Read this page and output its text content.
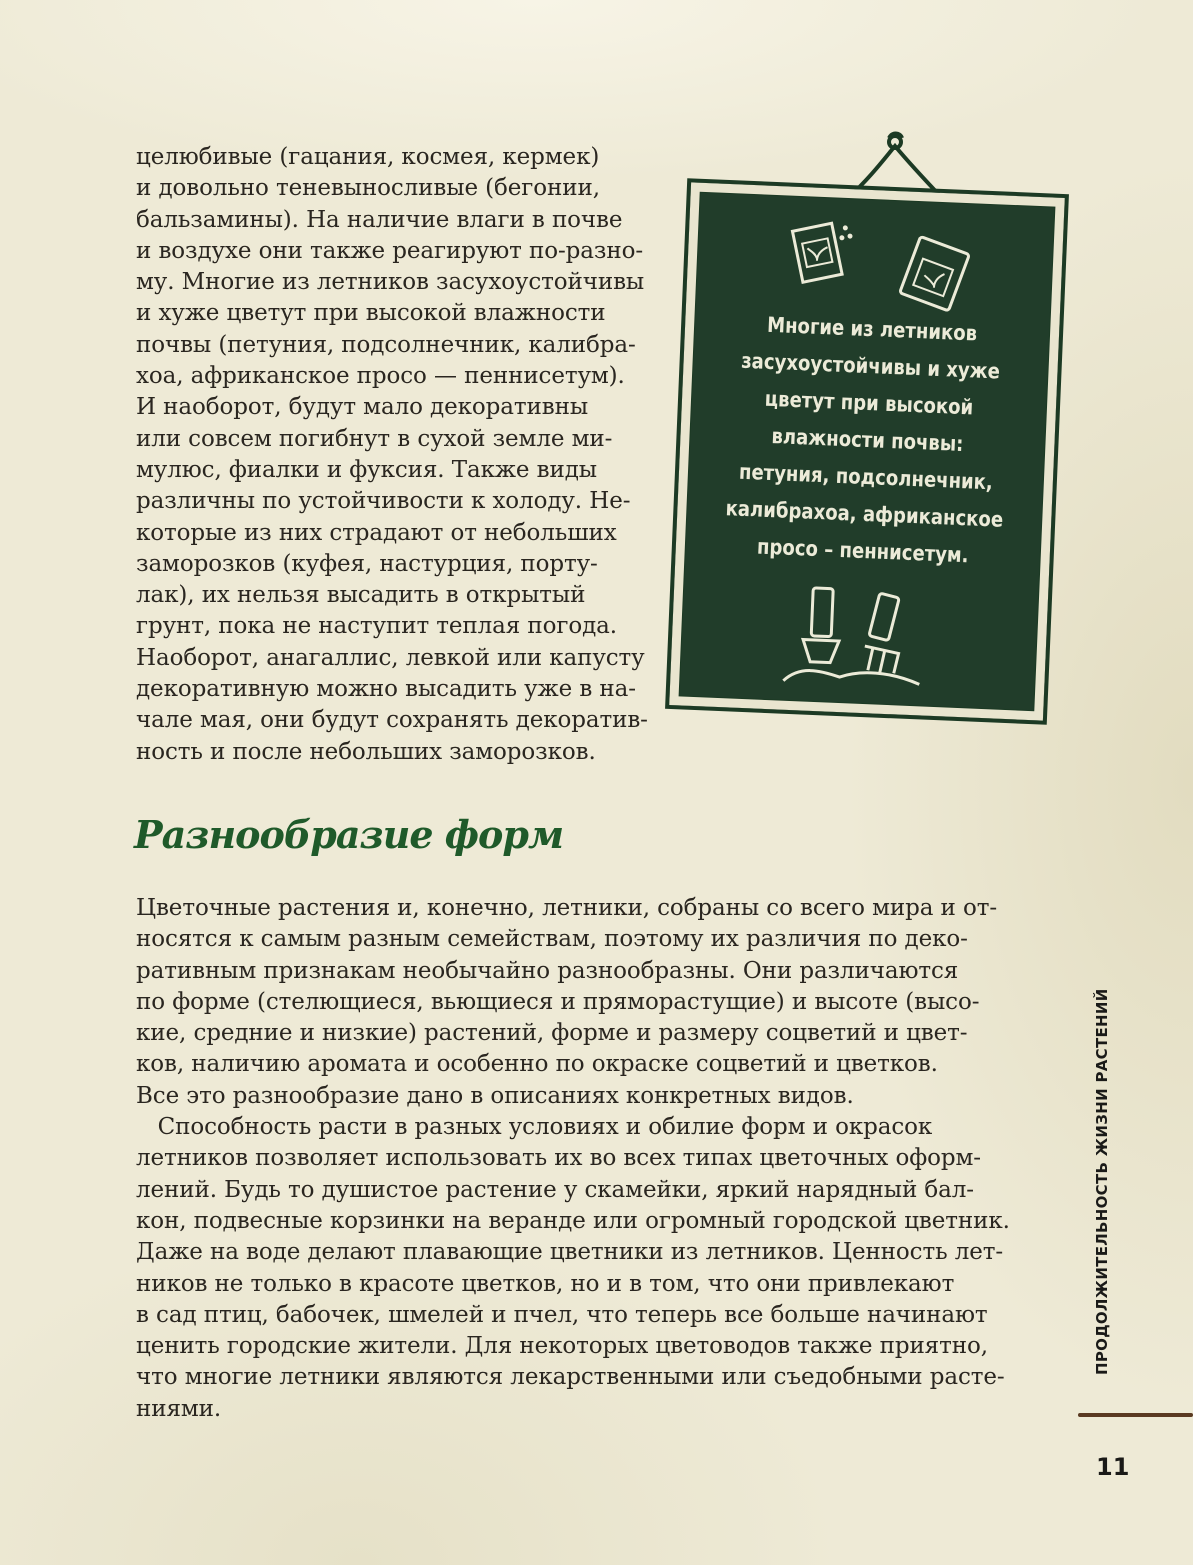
целюбивые (гацания, космея, кермек)
и довольно теневыносливые (бегонии,
бальзамины). На наличие влаги в почве
и воздухе они также реагируют по-разно-
му. Многие из летников засухоустойчивы
и хуже цветут при высокой влажности
почвы (петуния, подсолнечник, калибра-
хоа, африканское просо — пеннисетум).
И наоборот, будут мало декоративны
или совсем погибнут в сухой земле ми-
мулюс, фиалки и фуксия. Также виды
различны по устойчивости к холоду. Не-
которые из них страдают от небольших
заморозков (куфея, настурция, порту-
лак), их нельзя высадить в открытый
грунт, пока не наступит теплая погода.
Наоборот, анагаллис, левкой или капусту
декоративную можно высадить уже в на-
чале мая, они будут сохранять декоратив-
ность и после небольших заморозков.
Многие из летников
засухоустойчивы и хуже
цветут при высокой
влажности почвы:
петуния, подсолнечник,
калибрахоа, африканское
просо – пеннисетум.
Разнообразие форм
Цветочные растения и, конечно, летники, собраны со всего мира и от-
носятся к самым разным семействам, поэтому их различия по деко-
ративным признакам необычайно разнообразны. Они различаются
по форме (стелющиеся, вьющиеся и пряморастущие) и высоте (высо-
кие, средние и низкие) растений, форме и размеру соцветий и цвет-
ков, наличию аромата и особенно по окраске соцветий и цветков.
Все это разнообразие дано в описаниях конкретных видов.
Способность расти в разных условиях и обилие форм и окрасок
летников позволяет использовать их во всех типах цветочных оформ-
лений. Будь то душистое растение у скамейки, яркий нарядный бал-
кон, подвесные корзинки на веранде или огромный городской цветник.
Даже на воде делают плавающие цветники из летников. Ценность лет-
ников не только в красоте цветков, но и в том, что они привлекают
в сад птиц, бабочек, шмелей и пчел, что теперь все больше начинают
ценить городские жители. Для некоторых цветоводов также приятно,
что многие летники являются лекарственными или съедобными расте-
ниями.
ПРОДОЛЖИТЕЛЬНОСТЬ ЖИЗНИ РАСТЕНИЙ
11
